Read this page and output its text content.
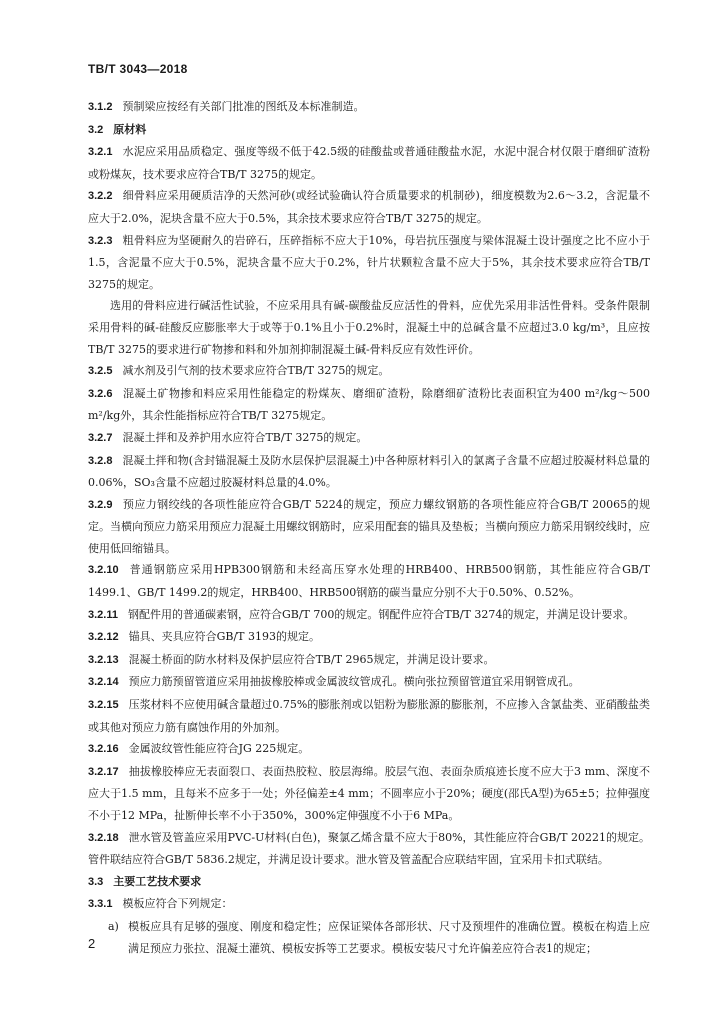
TB/T 3043—2018

3.1.2 预制梁应按经有关部门批准的图纸及本标准制造。

3.2 原材料

3.2.1 水泥应采用品质稳定、强度等级不低于42.5级的硅酸盐或普通硅酸盐水泥，水泥中混合材仅限于磨细矿渣粉或粉煤灰，技术要求应符合TB/T 3275的规定。

3.2.2 细骨料应采用硬质洁净的天然河砂(或经试验确认符合质量要求的机制砂)，细度模数为2.6～3.2，含泥量不应大于2.0%，泥块含量不应大于0.5%，其余技术要求应符合TB/T 3275的规定。

3.2.3 粗骨料应为坚硬耐久的岩碎石，压碎指标不应大于10%，母岩抗压强度与梁体混凝土设计强度之比不应小于1.5，含泥量不应大于0.5%，泥块含量不应大于0.2%，针片状颗粒含量不应大于5%，其余技术要求应符合TB/T 3275的规定。

选用的骨料应进行碱活性试验，不应采用具有碱-碳酸盐反应活性的骨料，应优先采用非活性骨料。受条件限制采用骨料的碱-硅酸反应膨胀率大于或等于0.1%且小于0.2%时，混凝土中的总碱含量不应超过3.0 kg/m³，且应按TB/T 3275的要求进行矿物掺和料和外加剂抑制混凝土碱-骨料反应有效性评价。

3.2.5 减水剂及引气剂的技术要求应符合TB/T 3275的规定。

3.2.6 混凝土矿物掺和料应采用性能稳定的粉煤灰、磨细矿渣粉，除磨细矿渣粉比表面积宜为400 m²/kg～500 m²/kg外，其余性能指标应符合TB/T 3275规定。

3.2.7 混凝土拌和及养护用水应符合TB/T 3275的规定。

3.2.8 混凝土拌和物(含封锚混凝土及防水层保护层混凝土)中各种原材料引入的氯离子含量不应超过胶凝材料总量的0.06%，SO₃含量不应超过胶凝材料总量的4.0%。

3.2.9 预应力钢绞线的各项性能应符合GB/T 5224的规定，预应力螺纹钢筋的各项性能应符合GB/T 20065的规定。当横向预应力筋采用预应力混凝土用螺纹钢筋时，应采用配套的锚具及垫板；当横向预应力筋采用钢绞线时，应使用低回缩锚具。

3.2.10 普通钢筋应采用HPB300钢筋和未经高压穿水处理的HRB400、HRB500钢筋，其性能应符合GB/T 1499.1、GB/T 1499.2的规定，HRB400、HRB500钢筋的碳当量应分别不大于0.50%、0.52%。

3.2.11 钢配件用的普通碳素钢，应符合GB/T 700的规定。钢配件应符合TB/T 3274的规定，并满足设计要求。

3.2.12 锚具、夹具应符合GB/T 3193的规定。

3.2.13 混凝土桥面的防水材料及保护层应符合TB/T 2965规定，并满足设计要求。

3.2.14 预应力筋预留管道应采用抽拔橡胶棒或金属波纹管成孔。横向张拉预留管道宜采用钢管成孔。

3.2.15 压浆材料不应使用碱含量超过0.75%的膨胀剂或以铝粉为膨胀源的膨胀剂，不应掺入含氯盐类、亚硝酸盐类或其他对预应力筋有腐蚀作用的外加剂。

3.2.16 金属波纹管性能应符合JG 225规定。

3.2.17 抽拔橡胶棒应无表面裂口、表面热胶粒、胶层海绵。胶层气泡、表面杂质痕迹长度不应大于3 mm、深度不应大于1.5 mm，且每米不应多于一处；外径偏差±4 mm；不圆率应小于20%；硬度(邵氏A型)为65±5；拉伸强度不小于12 MPa，扯断伸长率不小于350%，300%定伸强度不小于6 MPa。

3.2.18 泄水管及管盖应采用PVC-U材料(白色)，聚氯乙烯含量不应大于80%，其性能应符合GB/T 20221的规定。管件联结应符合GB/T 5836.2规定，并满足设计要求。泄水管及管盖配合应联结牢固，宜采用卡扣式联结。

3.3 主要工艺技术要求

3.3.1 模板应符合下列规定：

a) 模板应具有足够的强度、刚度和稳定性；应保证梁体各部形状、尺寸及预埋件的准确位置。模板在构造上应满足预应力张拉、混凝土灌筑、模板安拆等工艺要求。模板安装尺寸允许偏差应符合表1的规定；

2
